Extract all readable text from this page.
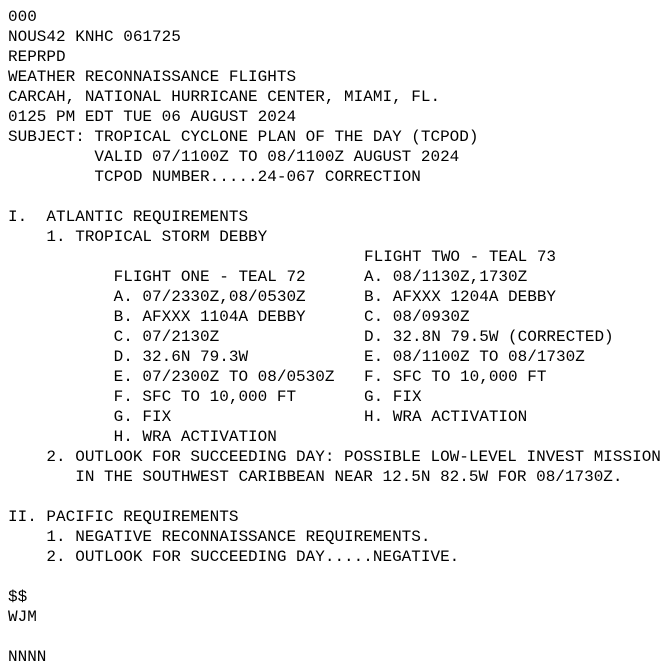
000
NOUS42 KNHC 061725
REPRPD
WEATHER RECONNAISSANCE FLIGHTS
CARCAH, NATIONAL HURRICANE CENTER, MIAMI, FL.
0125 PM EDT TUE 06 AUGUST 2024
SUBJECT: TROPICAL CYCLONE PLAN OF THE DAY (TCPOD)
VALID 07/1100Z TO 08/1100Z AUGUST 2024
TCPOD NUMBER.....24-067 CORRECTION
I.  ATLANTIC REQUIREMENTS
1. TROPICAL STORM DEBBY

FLIGHT ONE - TEAL 72

FLIGHT TWO - TEAL 73

A. 07/2330Z,08/0530Z

A. 08/1130Z,1730Z

B. AFXXX 1104A DEBBY

B. AFXXX 1204A DEBBY

C. 07/2130Z

C. 08/0930Z

D. 32.6N 79.3W

D. 32.8N 79.5W (CORRECTED)

E. 07/2300Z TO 08/0530Z

E. 08/1100Z TO 08/1730Z

F. SFC TO 10,000 FT

F. SFC TO 10,000 FT

G. FIX

G. FIX

H. WRA ACTIVATION

H. WRA ACTIVATION

2. OUTLOOK FOR SUCCEEDING DAY: POSSIBLE LOW-LEVEL INVEST MISSION
IN THE SOUTHWEST CARIBBEAN NEAR 12.5N 82.5W FOR 08/1730Z.
II. PACIFIC REQUIREMENTS
1. NEGATIVE RECONNAISSANCE REQUIREMENTS.
2. OUTLOOK FOR SUCCEEDING DAY.....NEGATIVE.
$$
WJM
NNNN
